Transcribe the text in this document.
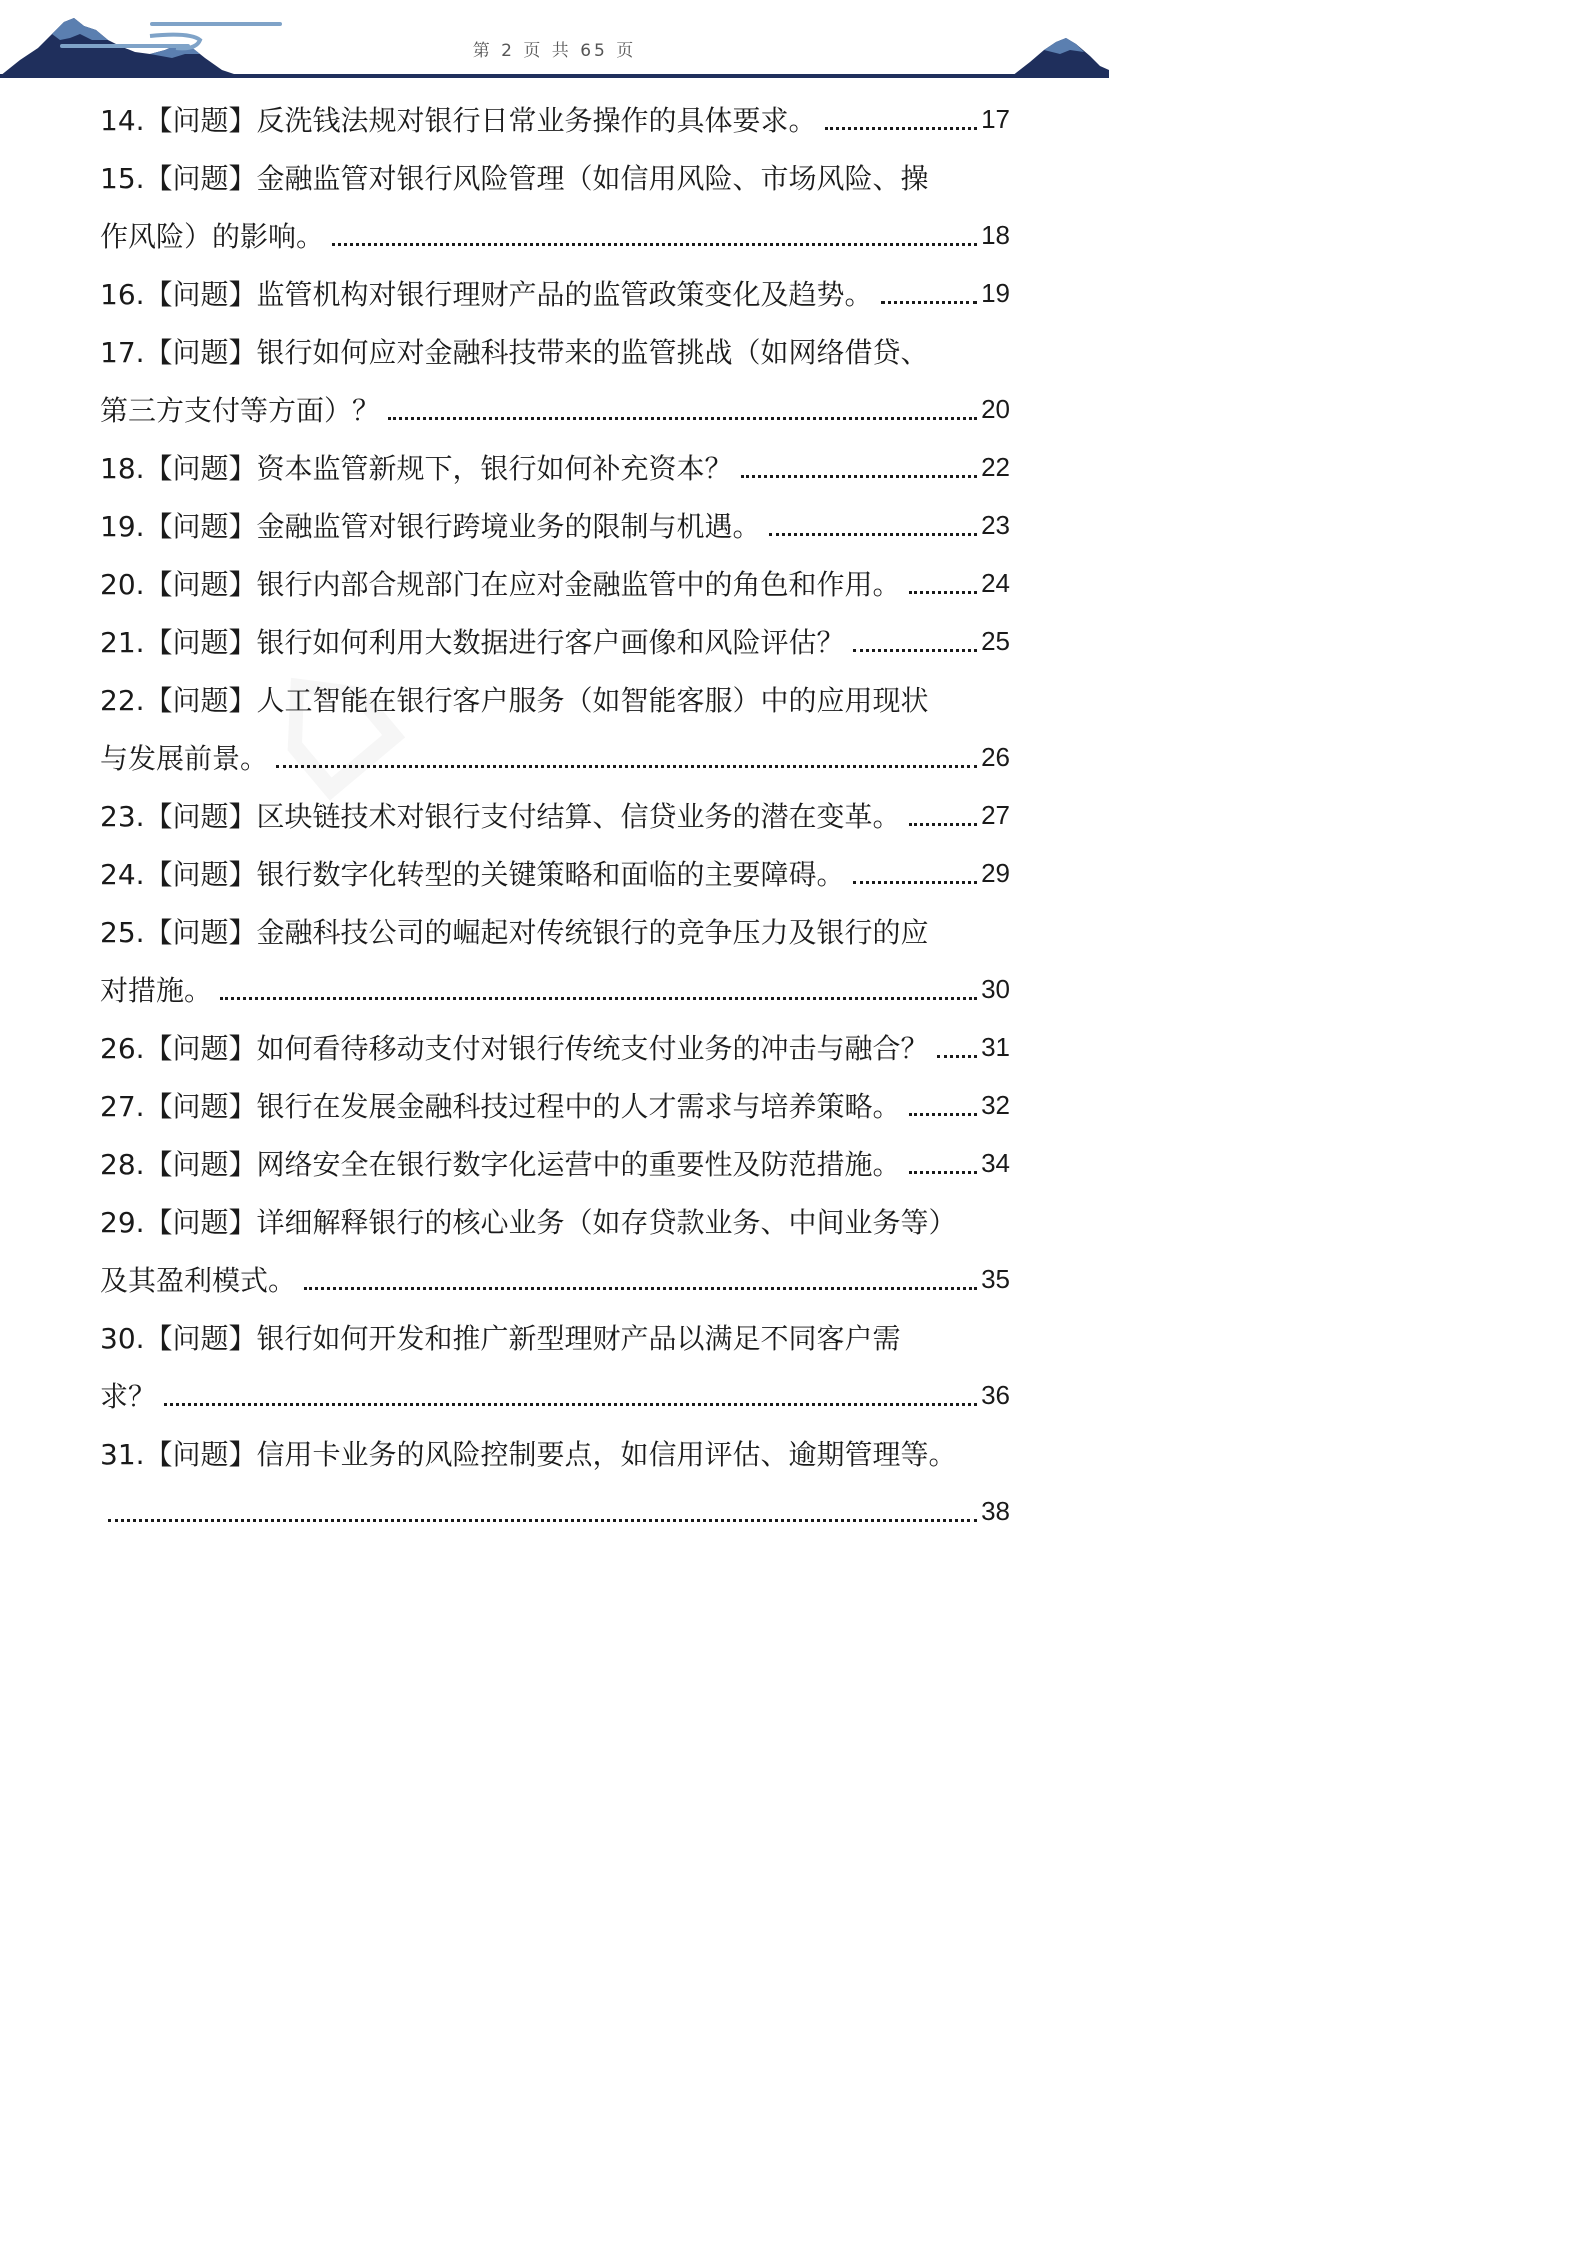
第 2 页 共 65 页
14.【问题】反洗钱法规对银行日常业务操作的具体要求。	17
15.【问题】金融监管对银行风险管理（如信用风险、市场风险、操
作风险）的影响。	18
16.【问题】监管机构对银行理财产品的监管政策变化及趋势。	19
17.【问题】银行如何应对金融科技带来的监管挑战（如网络借贷、
第三方支付等方面）？	20
18.【问题】资本监管新规下，银行如何补充资本？	22
19.【问题】金融监管对银行跨境业务的限制与机遇。	23
20.【问题】银行内部合规部门在应对金融监管中的角色和作用。	24
21.【问题】银行如何利用大数据进行客户画像和风险评估？	25
22.【问题】人工智能在银行客户服务（如智能客服）中的应用现状
与发展前景。	26
23.【问题】区块链技术对银行支付结算、信贷业务的潜在变革。	27
24.【问题】银行数字化转型的关键策略和面临的主要障碍。	29
25.【问题】金融科技公司的崛起对传统银行的竞争压力及银行的应
对措施。	30
26.【问题】如何看待移动支付对银行传统支付业务的冲击与融合？ 31
27.【问题】银行在发展金融科技过程中的人才需求与培养策略。	32
28.【问题】网络安全在银行数字化运营中的重要性及防范措施。	34
29.【问题】详细解释银行的核心业务（如存贷款业务、中间业务等）
及其盈利模式。	35
30.【问题】银行如何开发和推广新型理财产品以满足不同客户需
求？	36
31.【问题】信用卡业务的风险控制要点，如信用评估、逾期管理等。
38
